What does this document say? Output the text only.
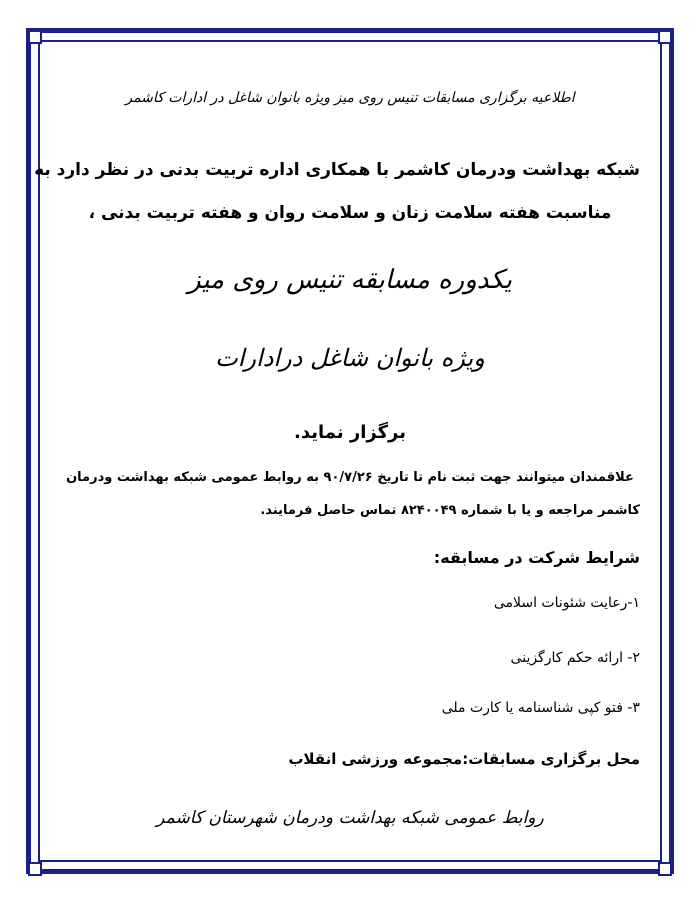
اطلاعیه برگزاری مسابقات تنیس روی میز ویژه بانوان شاغل در ادارات کاشمر
شبکه بهداشت ودرمان کاشمر با همکاری اداره تربیت بدنی در نظر دارد به
مناسبت هفته سلامت زنان و سلامت روان و هفته تربیت بدنی ،
یکدوره مسابقه تنیس روی میز
ویژه بانوان شاغل درادارات
برگزار نماید.
علاقمندان میتوانند جهت ثبت نام تا تاریخ ۹۰/۷/۲۶ به روابط عمومی شبکه بهداشت ودرمان
کاشمر مراجعه و یا با شماره ۸۲۴۰۰۴۹ تماس حاصل فرمایند.
شرایط شرکت در مسابقه:
۱-رعایت شئونات اسلامی
۲- ارائه حکم کارگزینی
۳- فتو کپی شناسنامه یا کارت ملی
محل برگزاری مسابقات:مجموعه ورزشی انقلاب
روابط عمومی شبکه بهداشت ودرمان شهرستان کاشمر
